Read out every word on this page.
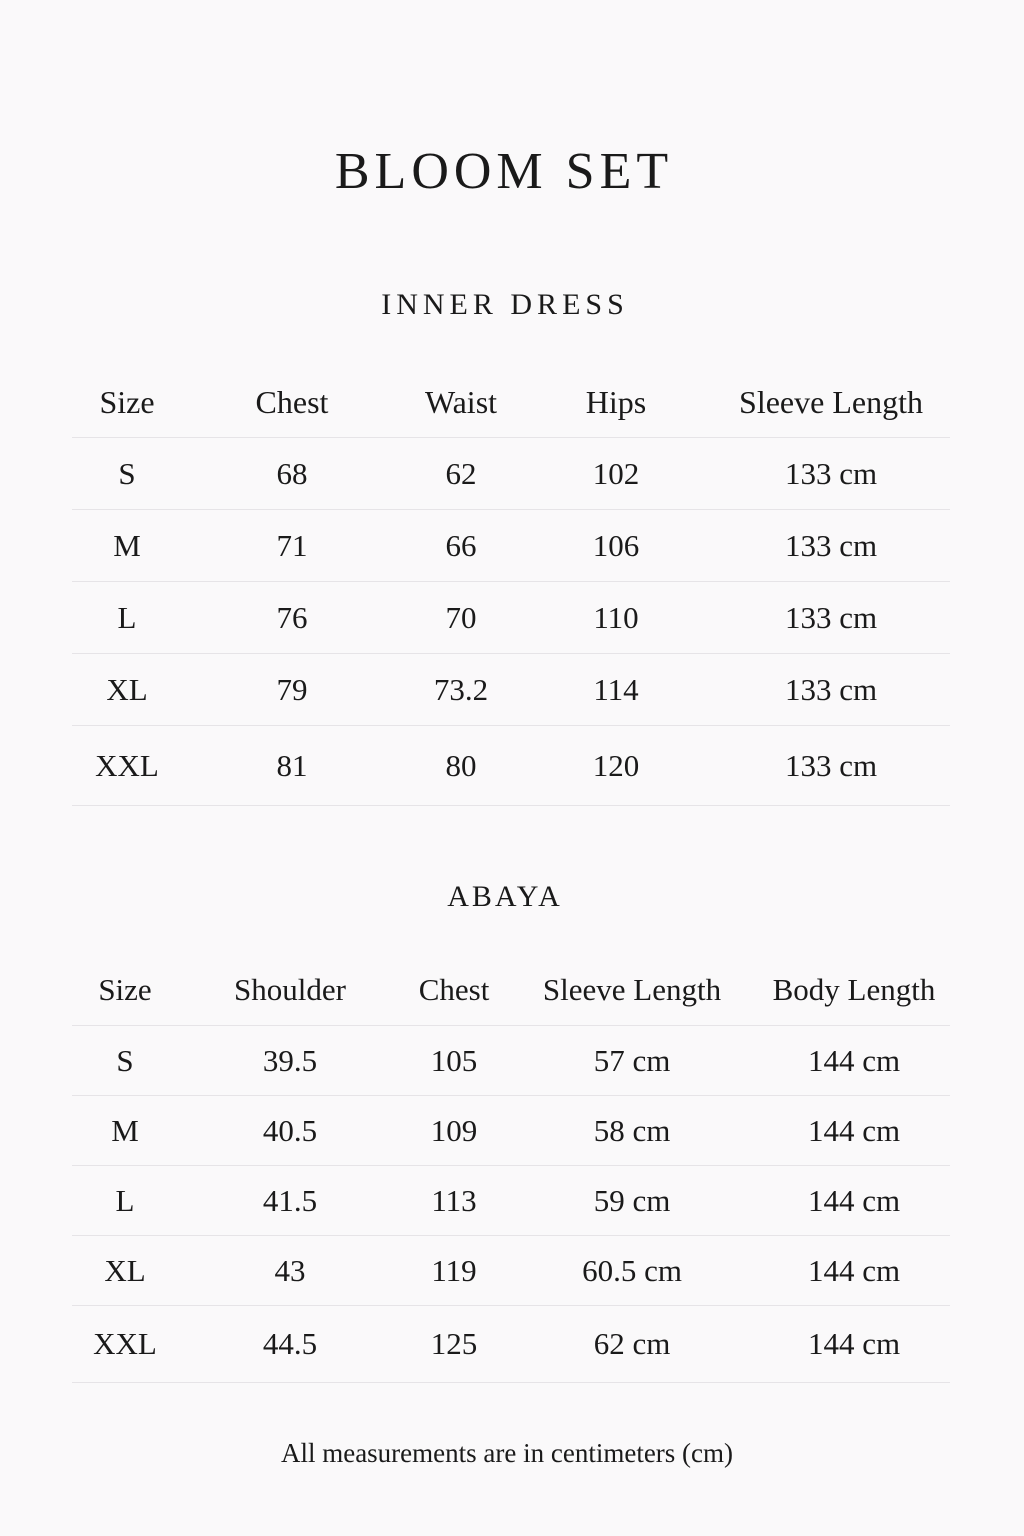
BLOOM SET
INNER DRESS
Size	Chest	Waist	Hips	Sleeve Length
S	68	62	102	133 cm
M	71	66	106	133 cm
L	76	70	110	133 cm
XL	79	73.2	114	133 cm
XXL	81	80	120	133 cm
ABAYA
Size	Shoulder	Chest	Sleeve Length	Body Length
S	39.5	105	57 cm	144 cm
M	40.5	109	58 cm	144 cm
L	41.5	113	59 cm	144 cm
XL	43	119	60.5 cm	144 cm
XXL	44.5	125	62 cm	144 cm

All measurements are in centimeters (cm)
